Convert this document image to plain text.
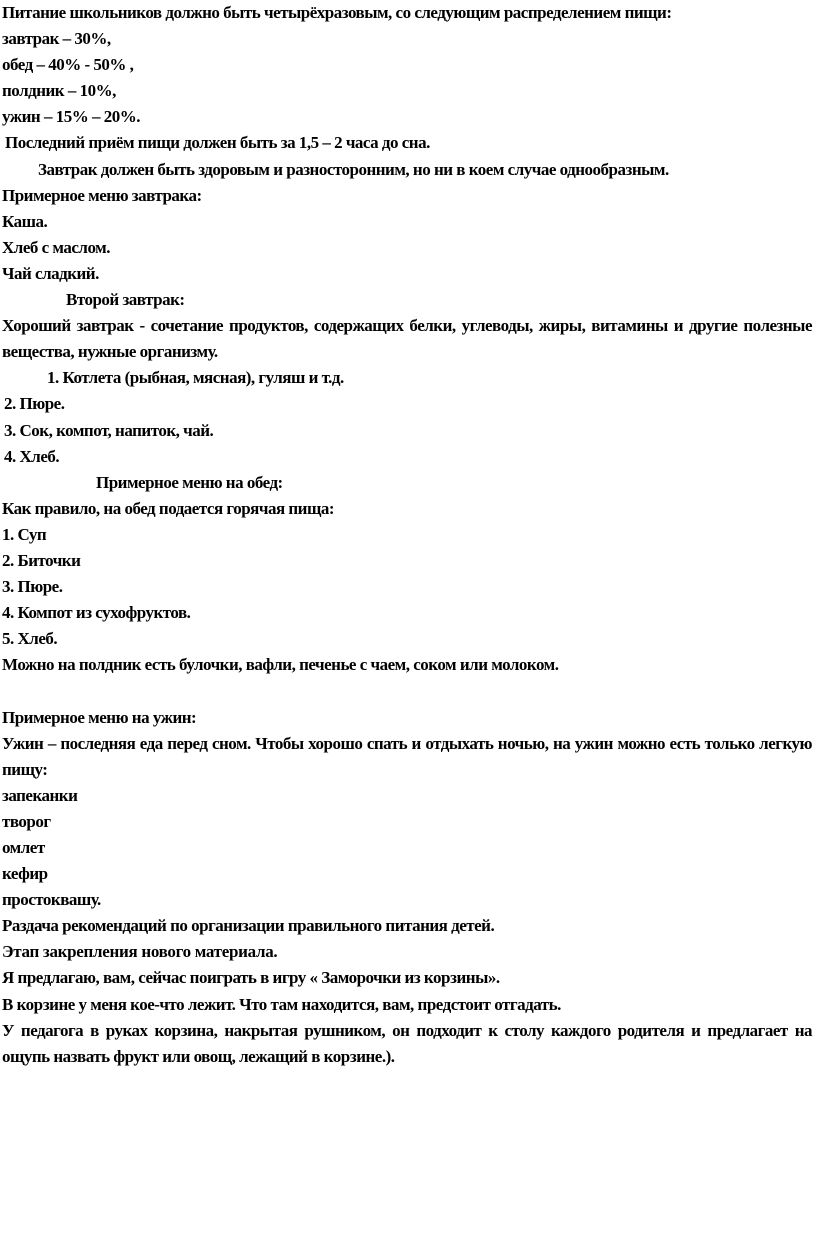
Питание школьников должно быть четырёхразовым, со следующим распределением пищи:

завтрак – 30%,

обед – 40% - 50% ,

полдник – 10%,

ужин – 15% – 20%.

Последний приём пищи должен быть за 1,5 – 2 часа до сна.

Завтрак должен быть здоровым и разносторонним, но ни в коем случае однообразным.

Примерное меню завтрака:

Каша.

Хлеб с маслом.

Чай сладкий.

Второй завтрак:

Хороший завтрак - сочетание продуктов, содержащих белки, углеводы, жиры, витамины и другие полезные вещества, нужные организму.

1. Котлета (рыбная, мясная), гуляш и т.д.

2. Пюре.

3. Сок, компот, напиток, чай.

4. Хлеб.

Примерное меню на обед:

Как правило, на обед подается горячая пища:

1. Суп

2. Биточки

3. Пюре.

4. Компот из сухофруктов.

5. Хлеб.

Можно на полдник есть булочки, вафли, печенье с чаем, соком или молоком.

Примерное меню на ужин:

Ужин – последняя еда перед сном. Чтобы хорошо спать и отдыхать ночью, на ужин можно есть только легкую пищу:

запеканки

творог

омлет

кефир

простоквашу.

Раздача рекомендаций по организации правильного питания детей.

Этап закрепления нового материала.

Я предлагаю, вам, сейчас поиграть в игру « Заморочки из корзины».

В корзине у меня кое-что лежит. Что там находится, вам, предстоит отгадать.

У педагога в руках корзина, накрытая рушником, он подходит к столу каждого родителя и предлагает на ощупь назвать фрукт или овощ, лежащий в корзине.).
